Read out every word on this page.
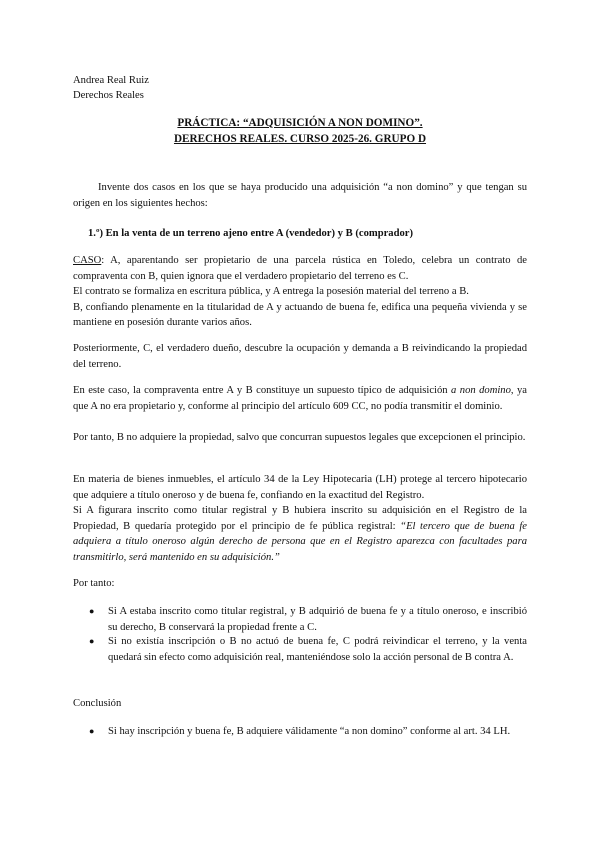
Andrea Real Ruiz
Derechos Reales
PRÁCTICA: “ADQUISICIÓN A NON DOMINO”.
DERECHOS REALES. CURSO 2025-26. GRUPO D
Invente dos casos en los que se haya producido una adquisición “a non domino” y que tengan su origen en los siguientes hechos:
1.º) En la venta de un terreno ajeno entre A (vendedor) y B (comprador)
CASO: A, aparentando ser propietario de una parcela rústica en Toledo, celebra un contrato de compraventa con B, quien ignora que el verdadero propietario del terreno es C.
El contrato se formaliza en escritura pública, y A entrega la posesión material del terreno a B.
B, confiando plenamente en la titularidad de A y actuando de buena fe, edifica una pequeña vivienda y se mantiene en posesión durante varios años.
Posteriormente, C, el verdadero dueño, descubre la ocupación y demanda a B reivindicando la propiedad del terreno.
En este caso, la compraventa entre A y B constituye un supuesto típico de adquisición a non domino, ya que A no era propietario y, conforme al principio del artículo 609 CC, no podía transmitir el dominio.
Por tanto, B no adquiere la propiedad, salvo que concurran supuestos legales que excepcionen el principio.
En materia de bienes inmuebles, el artículo 34 de la Ley Hipotecaria (LH) protege al tercero hipotecario que adquiere a título oneroso y de buena fe, confiando en la exactitud del Registro.
Si A figurara inscrito como titular registral y B hubiera inscrito su adquisición en el Registro de la Propiedad, B quedaría protegido por el principio de fe pública registral: “El tercero que de buena fe adquiera a título oneroso algún derecho de persona que en el Registro aparezca con facultades para transmitirlo, será mantenido en su adquisición.”
Por tanto:
● Si A estaba inscrito como titular registral, y B adquirió de buena fe y a título oneroso, e inscribió su derecho, B conservará la propiedad frente a C.
● Si no existía inscripción o B no actuó de buena fe, C podrá reivindicar el terreno, y la venta quedará sin efecto como adquisición real, manteniéndose solo la acción personal de B contra A.
Conclusión
● Si hay inscripción y buena fe, B adquiere válidamente “a non domino” conforme al art. 34 LH.
